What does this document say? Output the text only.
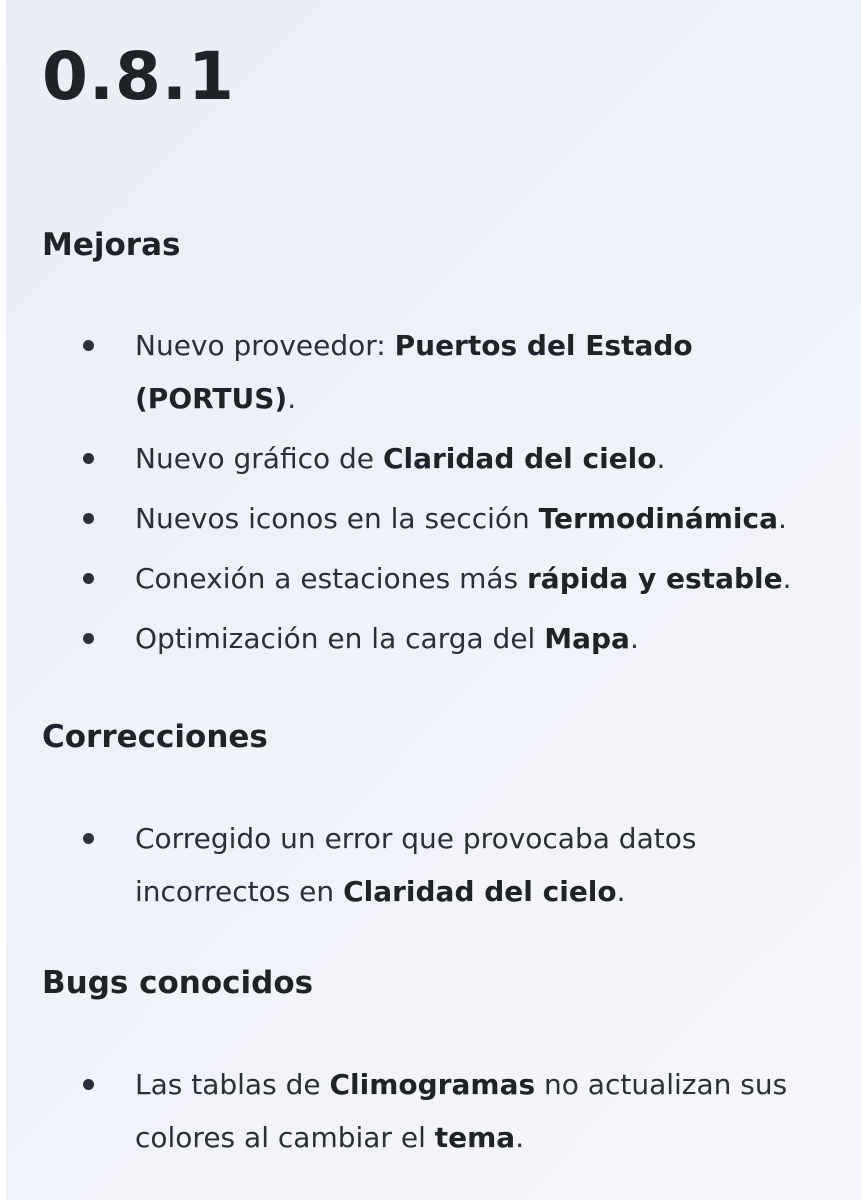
0.8.1
Mejoras
Nuevo proveedor: Puertos del Estado (PORTUS).
Nuevo gráfico de Claridad del cielo.
Nuevos iconos en la sección Termodinámica.
Conexión a estaciones más rápida y estable.
Optimización en la carga del Mapa.
Correcciones
Corregido un error que provocaba datos incorrectos en Claridad del cielo.
Bugs conocidos
Las tablas de Climogramas no actualizan sus colores al cambiar el tema.
